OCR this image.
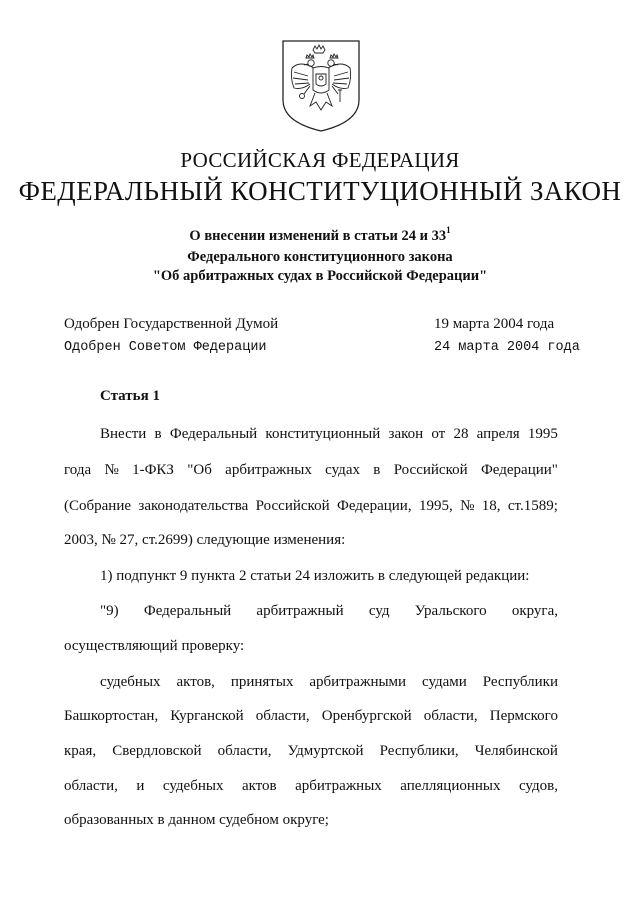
РОССИЙСКАЯ ФЕДЕРАЦИЯ
ФЕДЕРАЛЬНЫЙ КОНСТИТУЦИОННЫЙ ЗАКОН
О внесении изменений в статьи 24 и $33^1$
Федерального конституционного закона
"Об арбитражных судах в Российской Федерации"
Одобрен Государственной Думой	19 марта 2004 года
Одобрен Советом Федерации	24 марта 2004 года
Статья 1
Внести в Федеральный конституционный закон от 28 апреля 1995
года № 1-ФКЗ "Об арбитражных судах в Российской Федерации"
(Собрание законодательства Российской Федерации, 1995, № 18, ст.1589;
2003, № 27, ст.2699) следующие изменения:
1) подпункт 9 пункта 2 статьи 24 изложить в следующей редакции:
"9) Федеральный арбитражный суд Уральского округа,
осуществляющий проверку:
судебных актов, принятых арбитражными судами Республики
Башкортостан, Курганской области, Оренбургской области, Пермского
края, Свердловской области, Удмуртской Республики, Челябинской
области, и судебных актов арбитражных апелляционных судов,
образованных в данном судебном округе;
